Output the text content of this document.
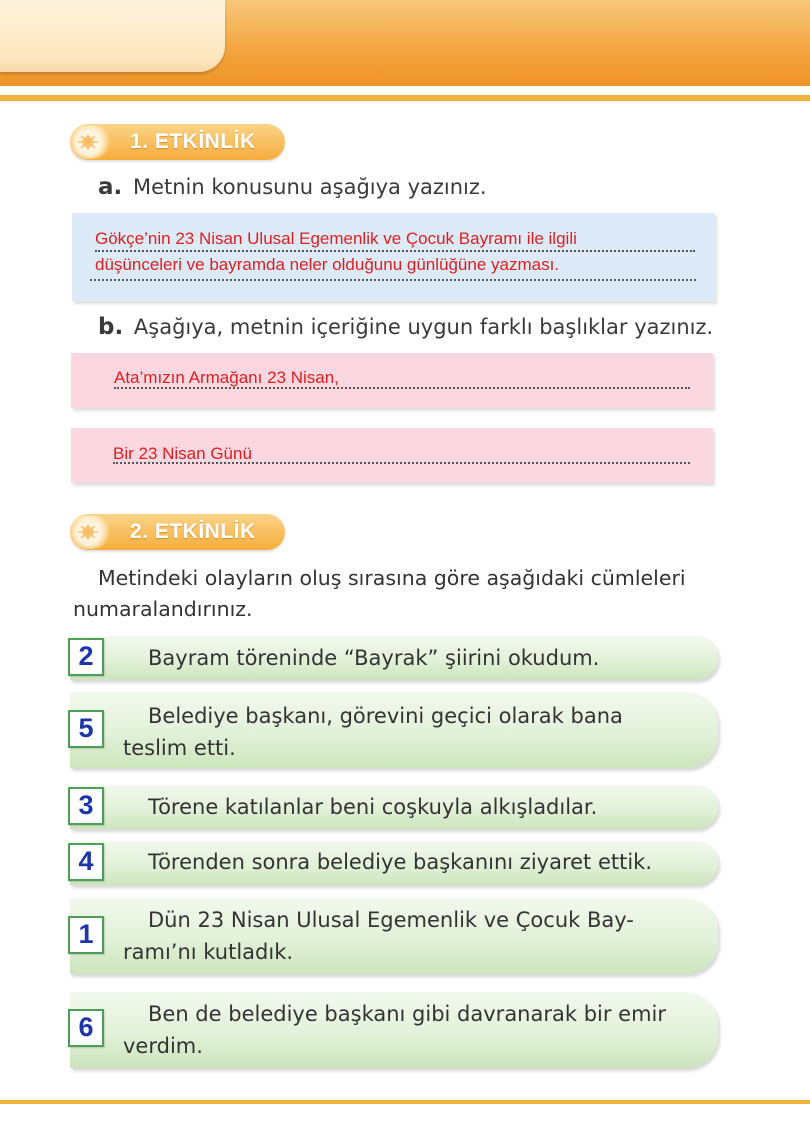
1. ETKİNLİK
a. Metnin konusunu aşağıya yazınız.
Gökçe’nin 23 Nisan Ulusal Egemenlik ve Çocuk Bayramı ile ilgili
düşünceleri ve bayramda neler olduğunu günlüğüne yazması.
b. Aşağıya, metnin içeriğine uygun farklı başlıklar yazınız.
Ata’mızın Armağanı 23 Nisan,
Bir 23 Nisan Günü
2. ETKİNLİK
Metindeki olayların oluş sırasına göre aşağıdaki cümleleri
numaralandırınız.
2	Bayram töreninde “Bayrak” şiirini okudum.
5	Belediye başkanı, görevini geçici olarak bana
teslim etti.
3	Törene katılanlar beni coşkuyla alkışladılar.
4	Törenden sonra belediye başkanını ziyaret ettik.
1	Dün 23 Nisan Ulusal Egemenlik ve Çocuk Bay-
ramı’nı kutladık.
6	Ben de belediye başkanı gibi davranarak bir emir
verdim.
